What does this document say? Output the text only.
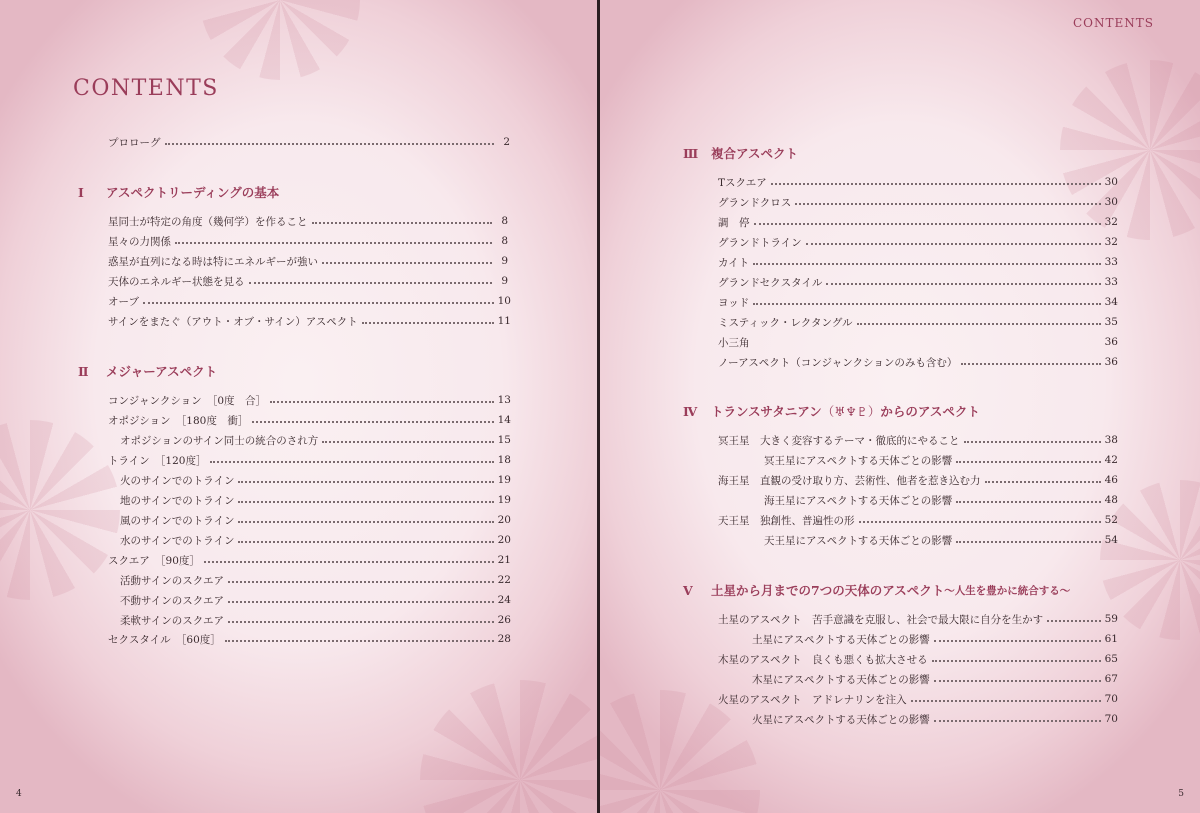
CONTENTS
プロローグ	2
Ⅰ	アスペクトリーディングの基本
星同士が特定の角度（幾何学）を作ること	8
星々の力関係	8
惑星が直列になる時は特にエネルギーが強い	9
天体のエネルギー状態を見る	9
オーブ	10
サインをまたぐ（アウト・オブ・サイン）アスペクト	11
Ⅱ	メジャーアスペクト
コンジャンクション　［0度　合］	13
オポジション　［180度　衝］	14
オポジションのサイン同士の統合のされ方	15
トライン　［120度］	18
火のサインでのトライン	19
地のサインでのトライン	19
風のサインでのトライン	20
水のサインでのトライン	20
スクエア　［90度］	21
活動サインのスクエア	22
不動サインのスクエア	24
柔軟サインのスクエア	26
セクスタイル　［60度］	28
4
CONTENTS
Ⅲ	複合アスペクト
Tスクエア	30
グランドクロス	30
調　停	32
グランドトライン	32
カイト	33
グランドセクスタイル	33
ヨッド	34
ミスティック・レクタングル	35
小三角	36
ノーアスペクト（コンジャンクションのみも含む）	36
Ⅳ	トランスサタニアン （♅♆♇） からのアスペクト
冥王星　大きく変容するテーマ・徹底的にやること	38
冥王星にアスペクトする天体ごとの影響	42
海王星　直観の受け取り方、芸術性、他者を惹き込む力	46
海王星にアスペクトする天体ごとの影響	48
天王星　独創性、普遍性の形	52
天王星にアスペクトする天体ごとの影響	54
Ⅴ	土星から月までの7つの天体のアスペクト 〜人生を豊かに統合する〜
土星のアスペクト　苦手意識を克服し、社会で最大限に自分を生かす	59
土星にアスペクトする天体ごとの影響	61
木星のアスペクト　良くも悪くも拡大させる	65
木星にアスペクトする天体ごとの影響	67
火星のアスペクト　アドレナリンを注入	70
火星にアスペクトする天体ごとの影響	70
5
